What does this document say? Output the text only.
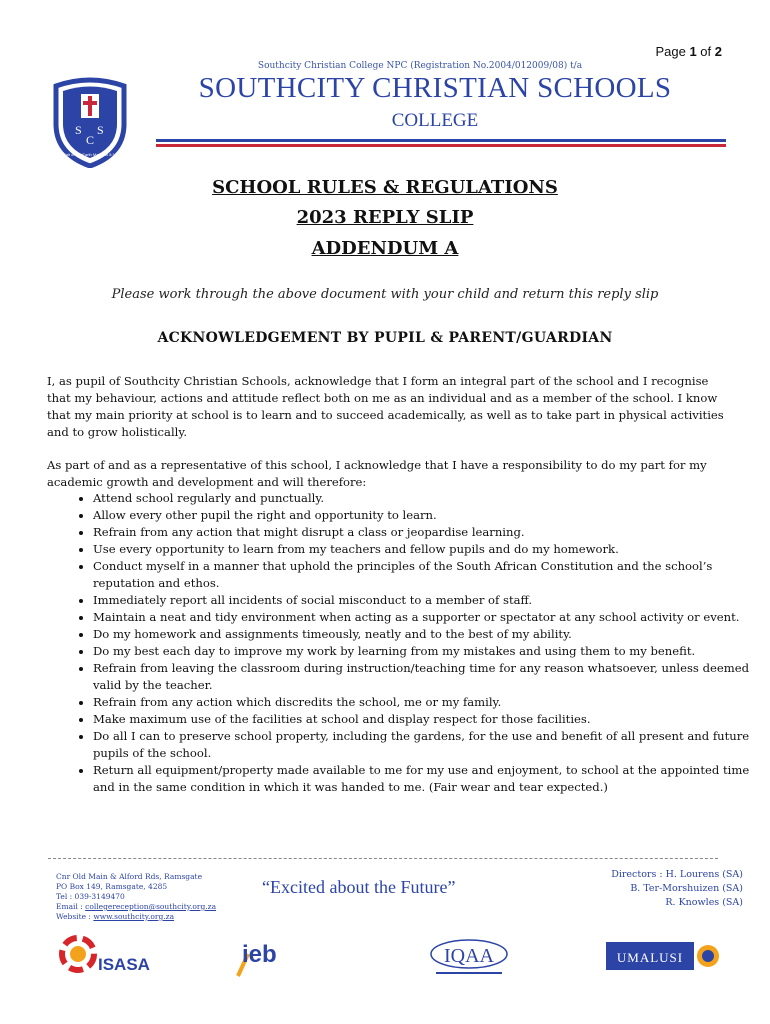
Page 1 of 2
S
C
S
Salt of the Earth Matthew 5:13
Southcity Christian College NPC (Registration No.2004/012009/08) t/a
SOUTHCITY CHRISTIAN SCHOOLS
COLLEGE
SCHOOL RULES & REGULATIONS
2023 REPLY SLIP
ADDENDUM A
Please work through the above document with your child and return this reply slip
ACKNOWLEDGEMENT BY PUPIL & PARENT/GUARDIAN
I, as pupil of Southcity Christian Schools, acknowledge that I form an integral part of the school and I recognise that my behaviour, actions and attitude reflect both on me as an individual and as a member of the school. I know that my main priority at school is to learn and to succeed academically, as well as to take part in physical activities and to grow holistically.
As part of and as a representative of this school, I acknowledge that I have a responsibility to do my part for my academic growth and development and will therefore:
• Attend school regularly and punctually.
• Allow every other pupil the right and opportunity to learn.
• Refrain from any action that might disrupt a class or jeopardise learning.
• Use every opportunity to learn from my teachers and fellow pupils and do my homework.
• Conduct myself in a manner that uphold the principles of the South African Constitution and the school’s reputation and ethos.
• Immediately report all incidents of social misconduct to a member of staff.
• Maintain a neat and tidy environment when acting as a supporter or spectator at any school activity or event.
• Do my homework and assignments timeously, neatly and to the best of my ability.
• Do my best each day to improve my work by learning from my mistakes and using them to my benefit.
• Refrain from leaving the classroom during instruction/teaching time for any reason whatsoever, unless deemed valid by the teacher.
• Refrain from any action which discredits the school, me or my family.
• Make maximum use of the facilities at school and display respect for those facilities.
• Do all I can to preserve school property, including the gardens, for the use and benefit of all present and future pupils of the school.
• Return all equipment/property made available to me for my use and enjoyment, to school at the appointed time and in the same condition in which it was handed to me. (Fair wear and tear expected.)
Cnr Old Main & Alford Rds, Ramsgate
PO Box 149, Ramsgate, 4285
Tel : 039-3149470
Email : collegereception@southcity.org.za
Website : www.southcity.org.za
“Excited about the Future”
Directors : H. Lourens (SA)
B. Ter-Morshuizen (SA)
R. Knowles (SA)
ISASA	ieb	IQAA	UMALUSI
